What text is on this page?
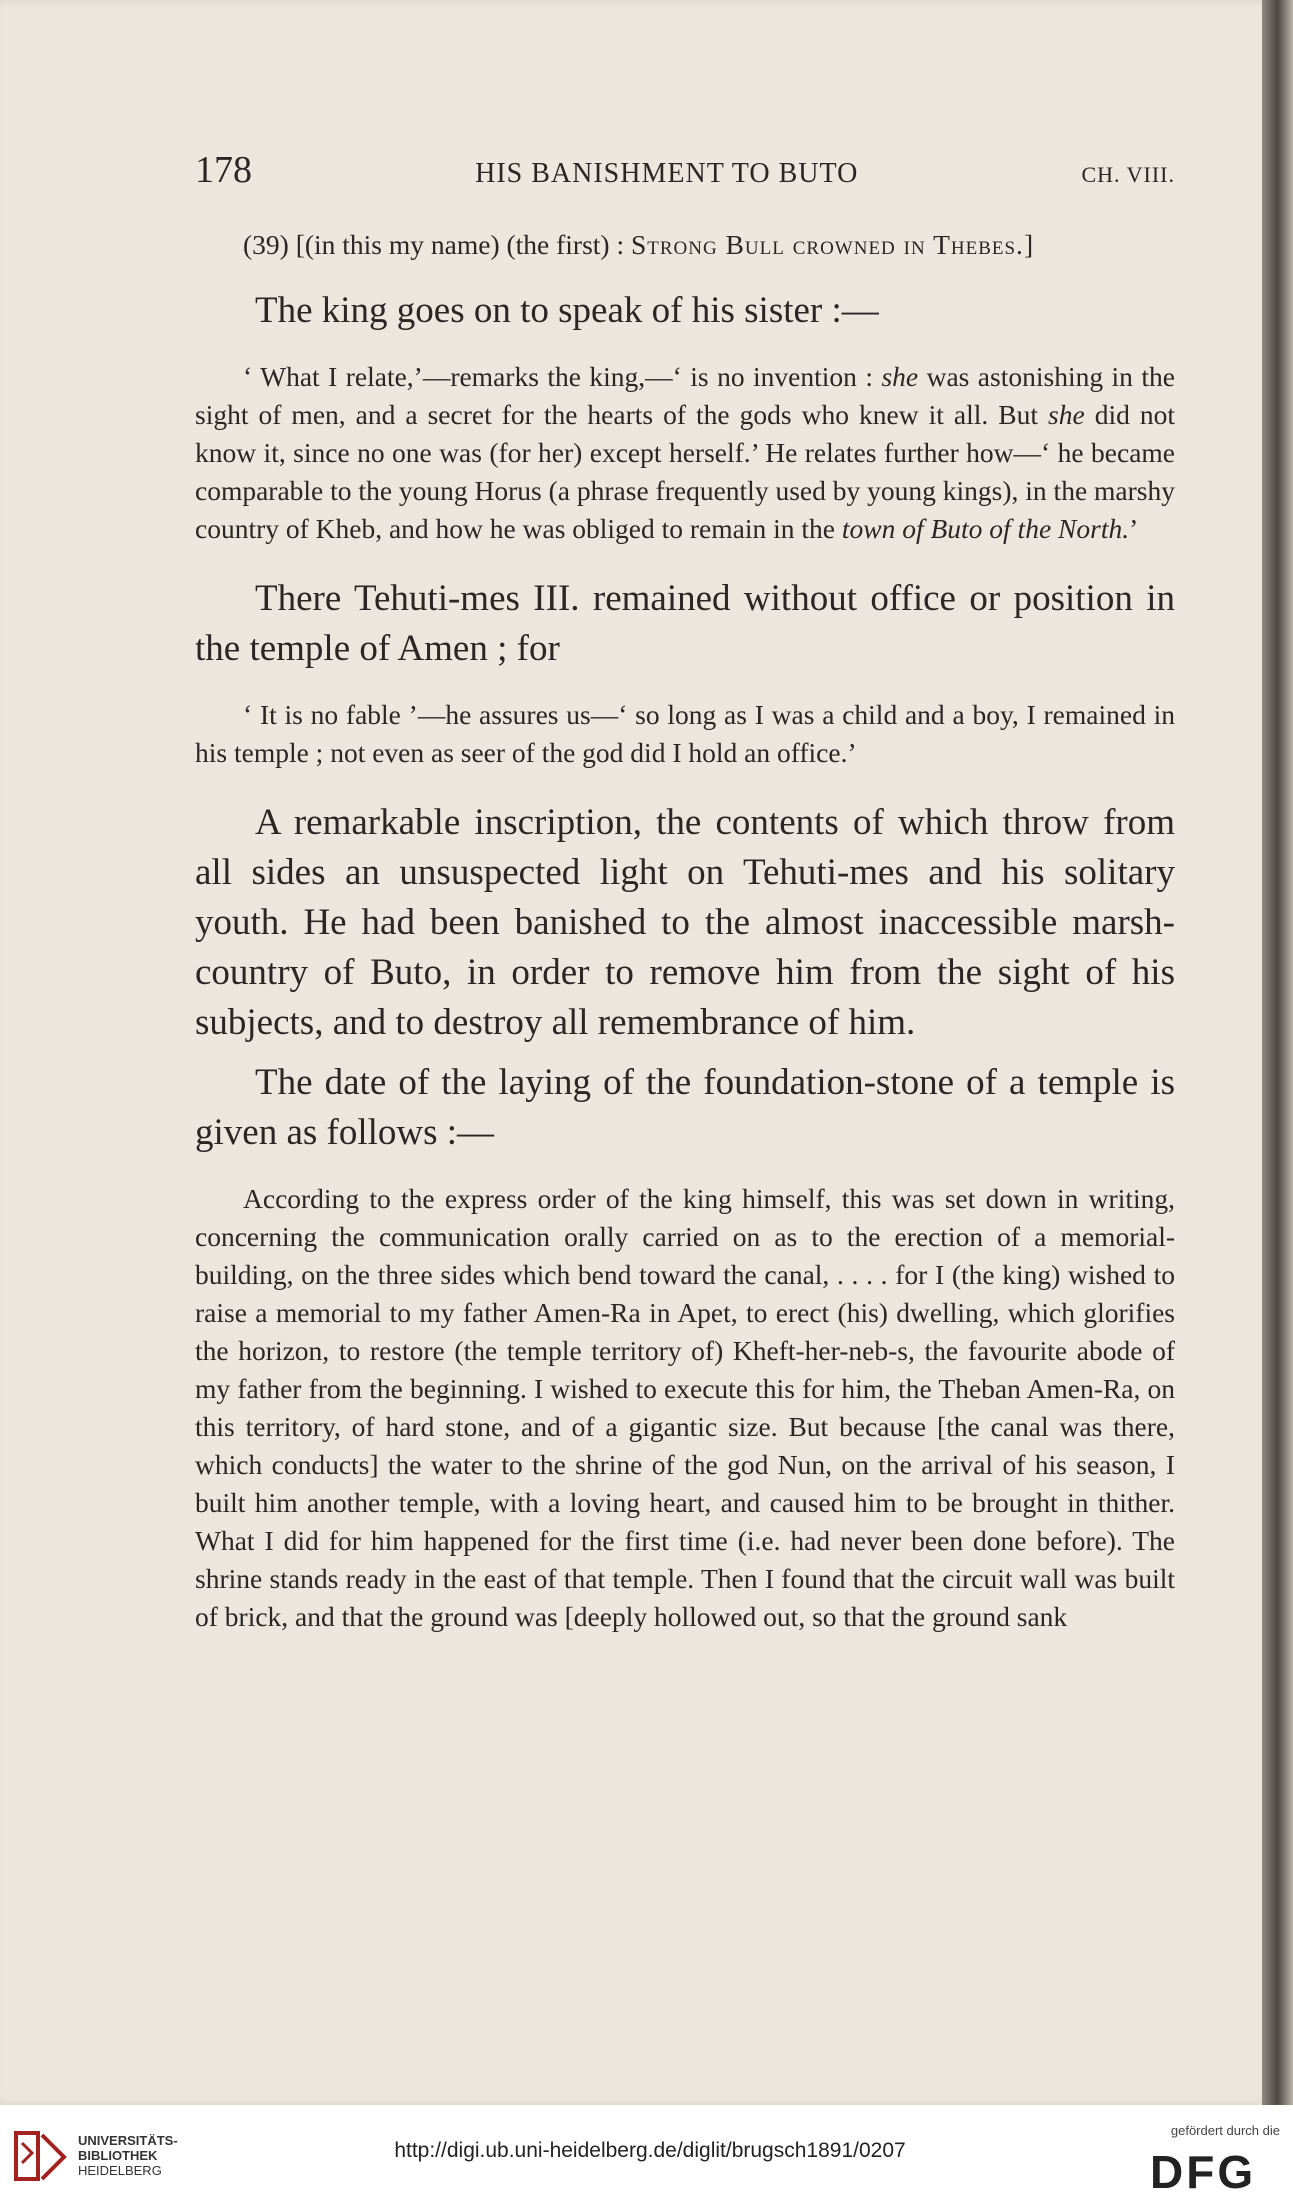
178	HIS BANISHMENT TO BUTO	CH. VIII.

(39) [(in this my name) (the first) : Strong Bull crowned in Thebes.]

The king goes on to speak of his sister :—

‘ What I relate,’—remarks the king,—‘ is no invention : she was astonishing in the sight of men, and a secret for the hearts of the gods who knew it all. But she did not know it, since no one was (for her) except herself.’ He relates further how—‘ he became comparable to the young Horus (a phrase frequently used by young kings), in the marshy country of Kheb, and how he was obliged to remain in the town of Buto of the North.’

There Tehuti-mes III. remained without office or position in the temple of Amen ; for

‘ It is no fable ’—he assures us—‘ so long as I was a child and a boy, I remained in his temple ; not even as seer of the god did I hold an office.’

A remarkable inscription, the contents of which throw from all sides an unsuspected light on Tehuti-mes and his solitary youth. He had been banished to the almost inaccessible marsh-country of Buto, in order to remove him from the sight of his subjects, and to destroy all remembrance of him.

The date of the laying of the foundation-stone of a temple is given as follows :—

According to the express order of the king himself, this was set down in writing, concerning the communication orally carried on as to the erection of a memorial-building, on the three sides which bend toward the canal, . . . . for I (the king) wished to raise a memorial to my father Amen-Ra in Apet, to erect (his) dwelling, which glorifies the horizon, to restore (the temple territory of) Kheft-her-neb-s, the favourite abode of my father from the beginning. I wished to execute this for him, the Theban Amen-Ra, on this territory, of hard stone, and of a gigantic size. But because [the canal was there, which conducts] the water to the shrine of the god Nun, on the arrival of his season, I built him another temple, with a loving heart, and caused him to be brought in thither. What I did for him happened for the first time (i.e. had never been done before). The shrine stands ready in the east of that temple. Then I found that the circuit wall was built of brick, and that the ground was [deeply hollowed out, so that the ground sank

UNIVERSITÄTS-
BIBLIOTHEK
HEIDELBERG
http://digi.ub.uni-heidelberg.de/diglit/brugsch1891/0207
gefördert durch die
DFG
